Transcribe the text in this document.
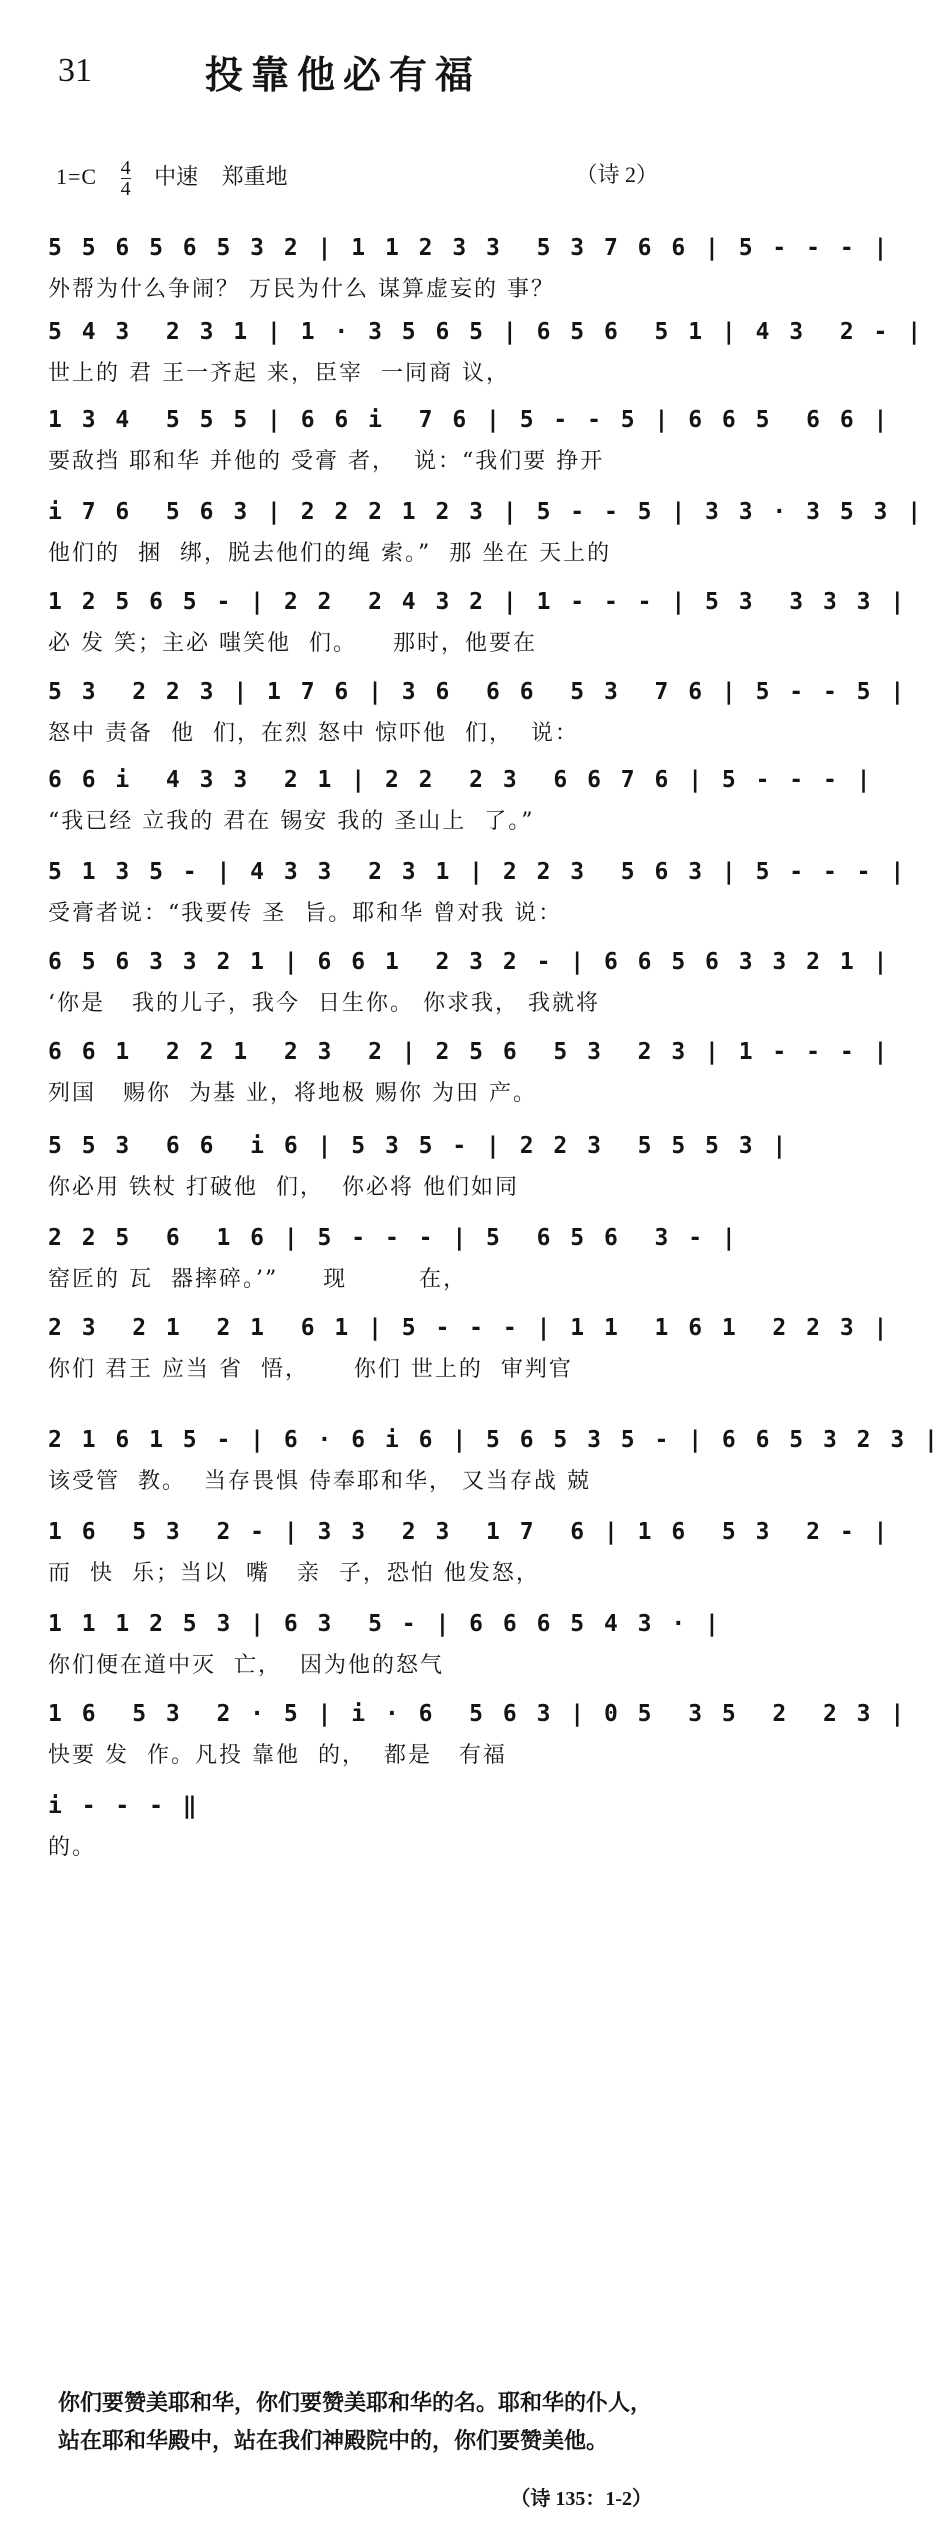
31	投靠他必有福
$1=C \frac{4}{4}$ 中速 郑重地	（诗 2）
5 5 6 5 6 5 3 2 | 1 1 2 3 3  5 3 7 6 6 | 5 - - - |
外帮为什么争闹？ 万民为什么 谋算虚妄的 事？
5 4 3  2 3 1 | 1 · 3 5 6 5 | 6 5 6  5 1 | 4 3  2 - |
世上的 君 王一齐起 来，臣宰  一同商 议，
1 3 4  5 5 5 | 6 6 i  7 6 | 5 - - 5 | 6 6 5  6 6 |
要敌挡 耶和华 并他的 受膏 者，  说：“我们要 挣开
i 7 6  5 6 3 | 2 2 2 1 2 3 | 5 - - 5 | 3 3 · 3 5 3 |
他们的  捆  绑，脱去他们的绳 索。”  那 坐在 天上的
1 2 5 6 5 - | 2 2  2 4 3 2 | 1 - - - | 5 3  3 3 3 |
必 发 笑；主必 嗤笑他  们。    那时，他要在
5 3  2 2 3 | 1 7 6 | 3 6  6 6  5 3  7 6 | 5 - - 5 |
怒中 责备  他  们，在烈 怒中 惊吓他  们，  说：
6 6 i  4 3 3  2 1 | 2 2  2 3  6 6 7 6 | 5 - - - |
“我已经 立我的 君在 锡安 我的 圣山上  了。”
5 1 3 5 - | 4 3 3  2 3 1 | 2 2 3  5 6 3 | 5 - - - |
受膏者说：“我要传 圣  旨。耶和华 曾对我 说：
6 5 6 3 3 2 1 | 6 6 1  2 3 2 - | 6 6 5 6 3 3 2 1 |
‘你是   我的儿子，我今  日生你。 你求我， 我就将
6 6 1  2 2 1  2 3  2 | 2 5 6  5 3  2 3 | 1 - - - |
列国   赐你  为基 业，将地极 赐你 为田 产。
5 5 3  6 6  i 6 | 5 3 5 - | 2 2 3  5 5 5 3 |
你必用 铁杖 打破他  们，  你必将 他们如同
2 2 5  6  1 6 | 5 - - - | 5  6 5 6  3 - |
窑匠的 瓦  器摔碎。’”     现        在，
2 3  2 1  2 1  6 1 | 5 - - - | 1 1  1 6 1  2 2 3 |
你们 君王 应当 省  悟，     你们 世上的  审判官
2 1 6 1 5 - | 6 · 6 i 6 | 5 6 5 3 5 - | 6 6 5 3 2 3 |
该受管  教。  当存畏惧 侍奉耶和华， 又当存战 兢
1 6  5 3  2 - | 3 3  2 3  1 7  6 | 1 6  5 3  2 - |
而  快  乐；当以  嘴   亲  子，恐怕 他发怒，
1 1 1 2 5 3 | 6 3  5 - | 6 6 6 5 4 3 · |
你们便在道中灭  亡，  因为他的怒气
1 6  5 3  2 · 5 | i · 6  5 6 3 | 0 5  3 5  2  2 3 |
快要 发  作。凡投 靠他  的，  都是   有福
i - - - ‖
的。
你们要赞美耶和华，你们要赞美耶和华的名。耶和华的仆人，站在耶和华殿中，站在我们神殿院中的，你们要赞美他。
（诗 135：1-2）
